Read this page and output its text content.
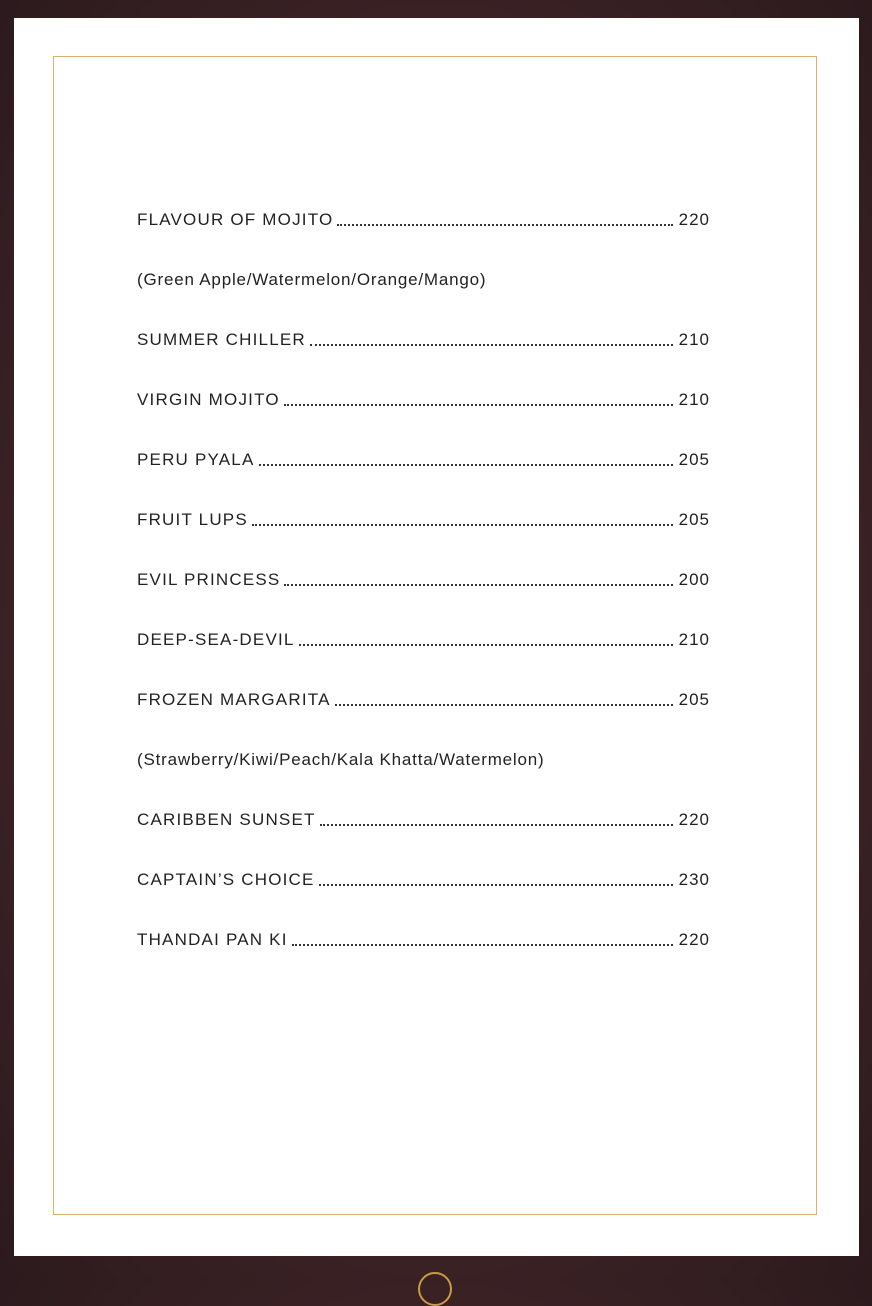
FLAVOUR OF MOJITO	220
(Green Apple/Watermelon/Orange/Mango)
SUMMER CHILLER	210
VIRGIN MOJITO	210
PERU PYALA	205
FRUIT LUPS	205
EVIL PRINCESS	200
DEEP-SEA-DEVIL	210
FROZEN MARGARITA	205
(Strawberry/Kiwi/Peach/Kala Khatta/Watermelon)
CARIBBEN SUNSET	220
CAPTAIN’S CHOICE	230
THANDAI PAN KI	220
